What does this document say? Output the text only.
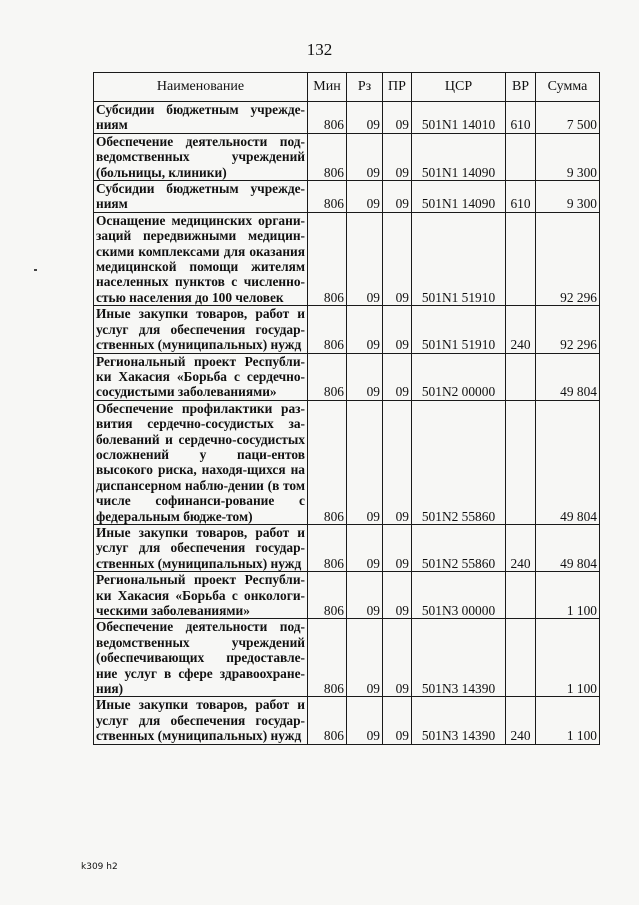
132
Наименование	Мин	Рз	ПР	ЦСР	ВР	Сумма
Субсидии бюджетным учрежде-ниям	806	09	09	501N1 14010	610	7 500
Обеспечение деятельности под-ведомственных учреждений (больницы, клиники)	806	09	09	501N1 14090		9 300
Субсидии бюджетным учрежде-ниям	806	09	09	501N1 14090	610	9 300
Оснащение медицинских органи-заций передвижными медицин-скими комплексами для оказания медицинской помощи жителям населенных пунктов с численно-стью населения до 100 человек	806	09	09	501N1 51910		92 296
Иные закупки товаров, работ и услуг для обеспечения государ-ственных (муниципальных) нужд	806	09	09	501N1 51910	240	92 296
Региональный проект Республи-ки Хакасия «Борьба с сердечно-сосудистыми заболеваниями»	806	09	09	501N2 00000		49 804
Обеспечение профилактики раз-вития сердечно-сосудистых за-болеваний и сердечно-сосудистых осложнений у паци-ентов высокого риска, находя-щихся на диспансерном наблю-дении (в том числе софинанси-рование с федеральным бюдже-том)	806	09	09	501N2 55860		49 804
Иные закупки товаров, работ и услуг для обеспечения государ-ственных (муниципальных) нужд	806	09	09	501N2 55860	240	49 804
Региональный проект Республи-ки Хакасия «Борьба с онкологи-ческими заболеваниями»	806	09	09	501N3 00000		1 100
Обеспечение деятельности под-ведомственных учреждений (обеспечивающих предоставле-ние услуг в сфере здравоохране-ния)	806	09	09	501N3 14390		1 100
Иные закупки товаров, работ и услуг для обеспечения государ-ственных (муниципальных) нужд	806	09	09	501N3 14390	240	1 100
k309 h2
